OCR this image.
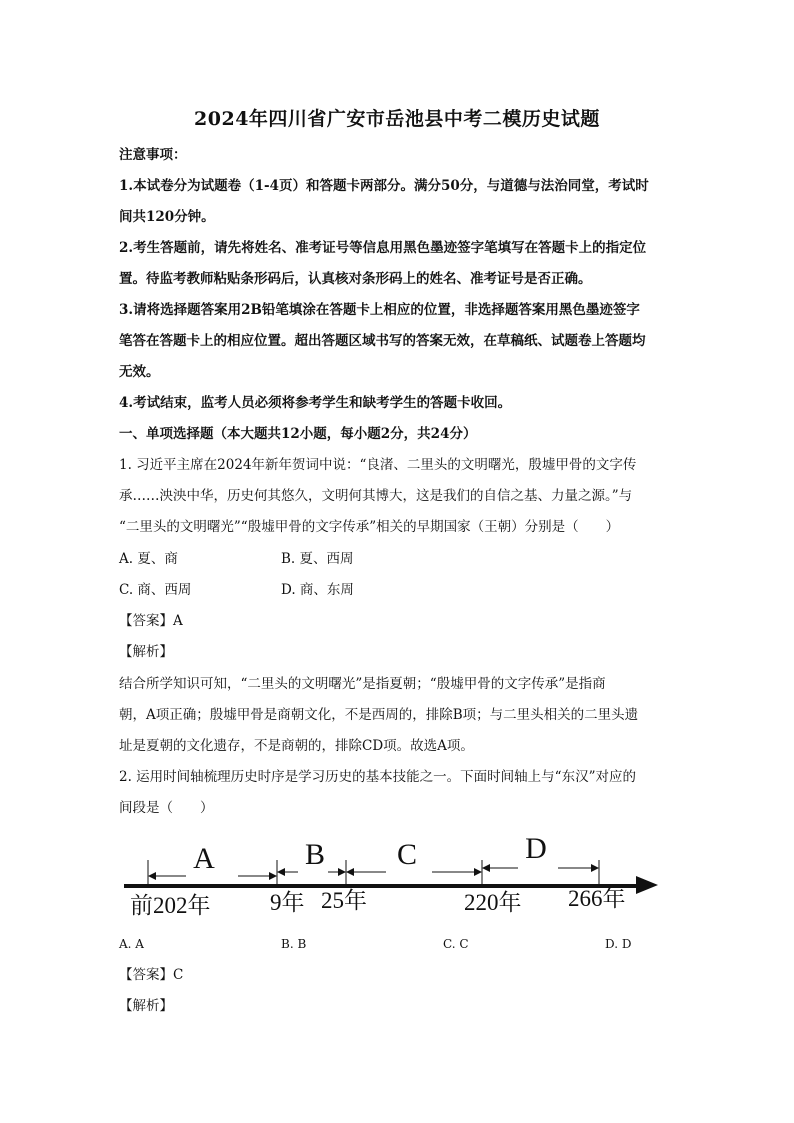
2024年四川省广安市岳池县中考二模历史试题
注意事项：
1.本试卷分为试题卷（1-4页）和答题卡两部分。满分50分，与道德与法治同堂，考试时
间共120分钟。
2.考生答题前，请先将姓名、准考证号等信息用黑色墨迹签字笔填写在答题卡上的指定位
置。待监考教师粘贴条形码后，认真核对条形码上的姓名、准考证号是否正确。
3.请将选择题答案用2B铅笔填涂在答题卡上相应的位置，非选择题答案用黑色墨迹签字
笔答在答题卡上的相应位置。超出答题区域书写的答案无效，在草稿纸、试题卷上答题均
无效。
4.考试结束，监考人员必须将参考学生和缺考学生的答题卡收回。
一、单项选择题（本大题共12小题，每小题2分，共24分）
1. 习近平主席在2024年新年贺词中说：“良渚、二里头的文明曙光，殷墟甲骨的文字传
承……泱泱中华，历史何其悠久，文明何其博大，这是我们的自信之基、力量之源。”与
“二里头的文明曙光”“殷墟甲骨的文字传承”相关的早期国家（王朝）分别是（　　）
A. 夏、商	B. 夏、西周
C. 商、西周	D. 商、东周
【答案】A
【解析】
结合所学知识可知，“二里头的文明曙光”是指夏朝；“殷墟甲骨的文字传承”是指商
朝，A项正确；殷墟甲骨是商朝文化，不是西周的，排除B项；与二里头相关的二里头遗
址是夏朝的文化遗存，不是商朝的，排除CD项。故选A项。
2. 运用时间轴梳理历史时序是学习历史的基本技能之一。下面时间轴上与“东汉”对应的
间段是（　　）
A	B C	D
前202年	9年 25年	220年 266年
A. A	B. B	C. C	D. D
【答案】C
【解析】
